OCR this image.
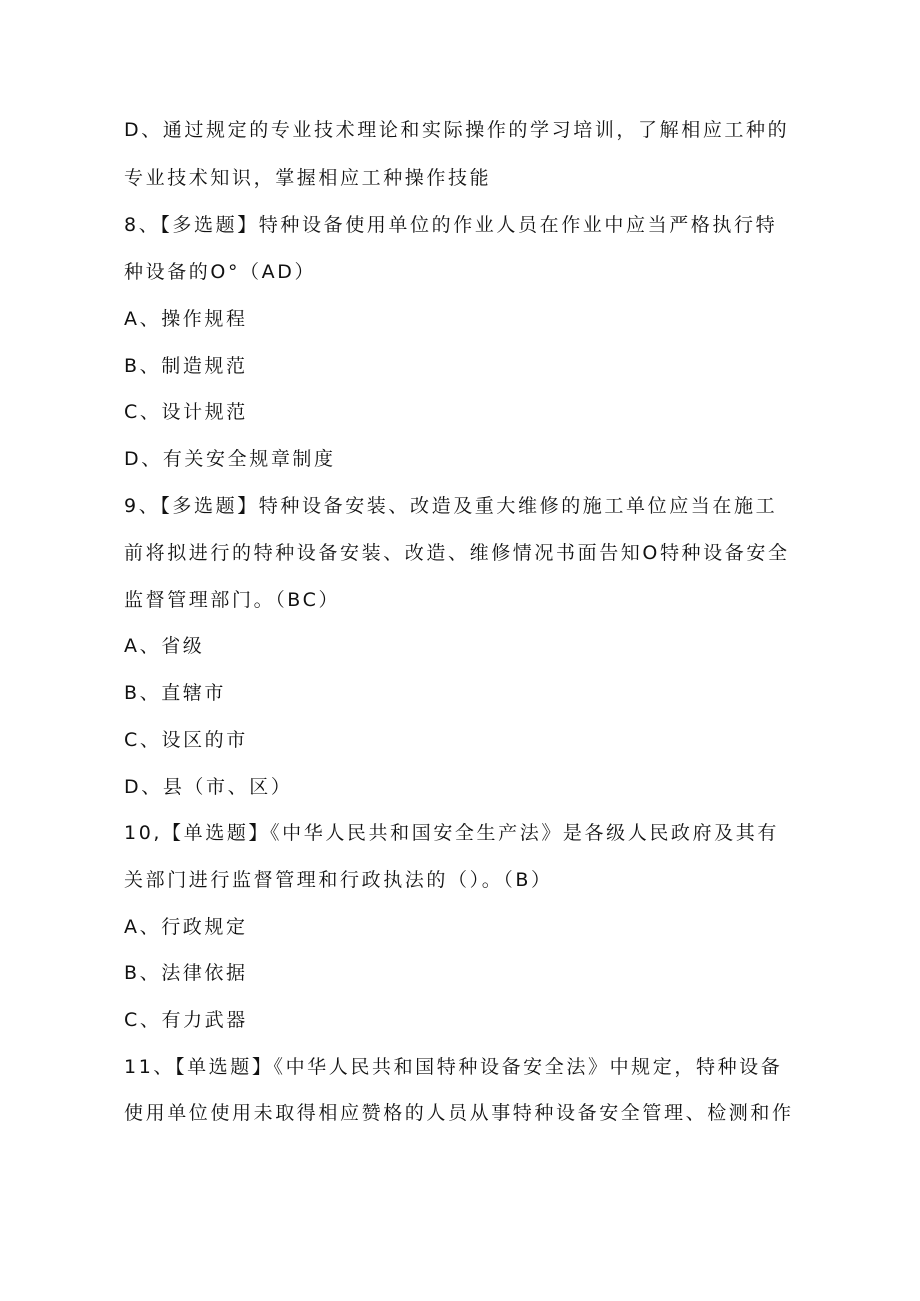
D、通过规定的专业技术理论和实际操作的学习培训，了解相应工种的
专业技术知识，掌握相应工种操作技能
8、【多选题】特种设备使用单位的作业人员在作业中应当严格执行特
种设备的O°（AD）
A、操作规程
B、制造规范
C、设计规范
D、有关安全规章制度
9、【多选题】特种设备安装、改造及重大维修的施工单位应当在施工
前将拟进行的特种设备安装、改造、维修情况书面告知O特种设备安全
监督管理部门。（BC）
A、省级
B、直辖市
C、设区的市
D、县（市、区）
10,【单选题】《中华人民共和国安全生产法》是各级人民政府及其有
关部门进行监督管理和行政执法的（）。（B）
A、行政规定
B、法律依据
C、有力武器
11、【单选题】《中华人民共和国特种设备安全法》中规定，特种设备
使用单位使用未取得相应赞格的人员从事特种设备安全管理、检测和作
